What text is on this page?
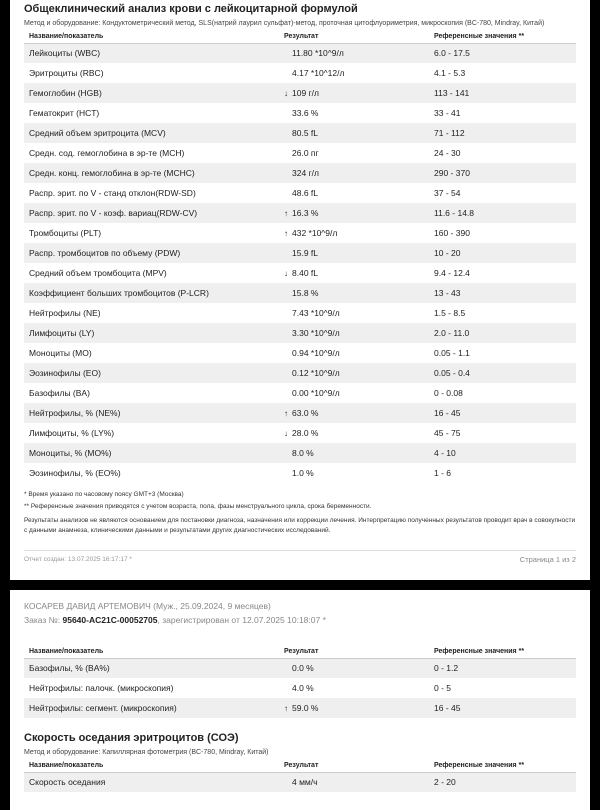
Общеклинический анализ крови с лейкоцитарной формулой
Метод и оборудование: Кондуктометрический метод, SLS(натрий лаурил сульфат)-метод, проточная цитофлуориметрия, микроскопия (BC-780, Mindray, Китай)
Название/показатель	Результат	Референсные значения **
Лейкоциты (WBC)	11.80 *10^9/л	6.0 - 17.5
Эритроциты (RBC)	4.17 *10^12/л	4.1 - 5.3
Гемоглобин (HGB)	↓ 109 г/л	113 - 141
Гематокрит (HCT)	33.6 %	33 - 41
Средний объем эритроцита (MCV)	80.5 fL	71 - 112
Средн. сод. гемоглобина в эр-те (MCH)	26.0 пг	24 - 30
Средн. конц. гемоглобина в эр-те (MCHC)	324 г/л	290 - 370
Распр. эрит. по V - станд отклон(RDW-SD)	48.6 fL	37 - 54
Распр. эрит. по V - коэф. вариац(RDW-CV)	↑ 16.3 %	11.6 - 14.8
Тромбоциты (PLT)	↑ 432 *10^9/л	160 - 390
Распр. тромбоцитов по объему (PDW)	15.9 fL	10 - 20
Средний объем тромбоцита (MPV)	↓ 8.40 fL	9.4 - 12.4
Коэффициент больших тромбоцитов (P-LCR)	15.8 %	13 - 43
Нейтрофилы (NE)	7.43 *10^9/л	1.5 - 8.5
Лимфоциты (LY)	3.30 *10^9/л	2.0 - 11.0
Моноциты (MO)	0.94 *10^9/л	0.05 - 1.1
Эозинофилы (EO)	0.12 *10^9/л	0.05 - 0.4
Базофилы (BA)	0.00 *10^9/л	0 - 0.08
Нейтрофилы, % (NE%)	↑ 63.0 %	16 - 45
Лимфоциты, % (LY%)	↓ 28.0 %	45 - 75
Моноциты, % (MO%)	8.0 %	4 - 10
Эозинофилы, % (EO%)	1.0 %	1 - 6
* Время указано по часовому поясу GMT+3 (Москва)
** Референсные значения приводятся с учетом возраста, пола, фазы менструального цикла, срока беременности.
Результаты анализов не являются основанием для постановки диагноза, назначения или коррекции лечения. Интерпретацию полученных результатов проводит врач в совокупности с данными анамнеза, клиническими данными и результатами других диагностических исследований.
Отчет создан: 13.07.2025 16:17:17 *	Страница 1 из 2
КОСАРЕВ ДАВИД АРТЕМОВИЧ (Муж., 25.09.2024, 9 месяцев)
Заказ №: 95640-AC21C-00052705, зарегистрирован от 12.07.2025 10:18:07 *
Название/показатель	Результат	Референсные значения **
Базофилы, % (BA%)	0.0 %	0 - 1.2
Нейтрофилы: палочк. (микроскопия)	4.0 %	0 - 5
Нейтрофилы: сегмент. (микроскопия)	↑ 59.0 %	16 - 45
Скорость оседания эритроцитов (СОЭ)
Метод и оборудование: Капиллярная фотометрия (BC-780, Mindray, Китай)
Название/показатель	Результат	Референсные значения **
Скорость оседания	4 мм/ч	2 - 20
